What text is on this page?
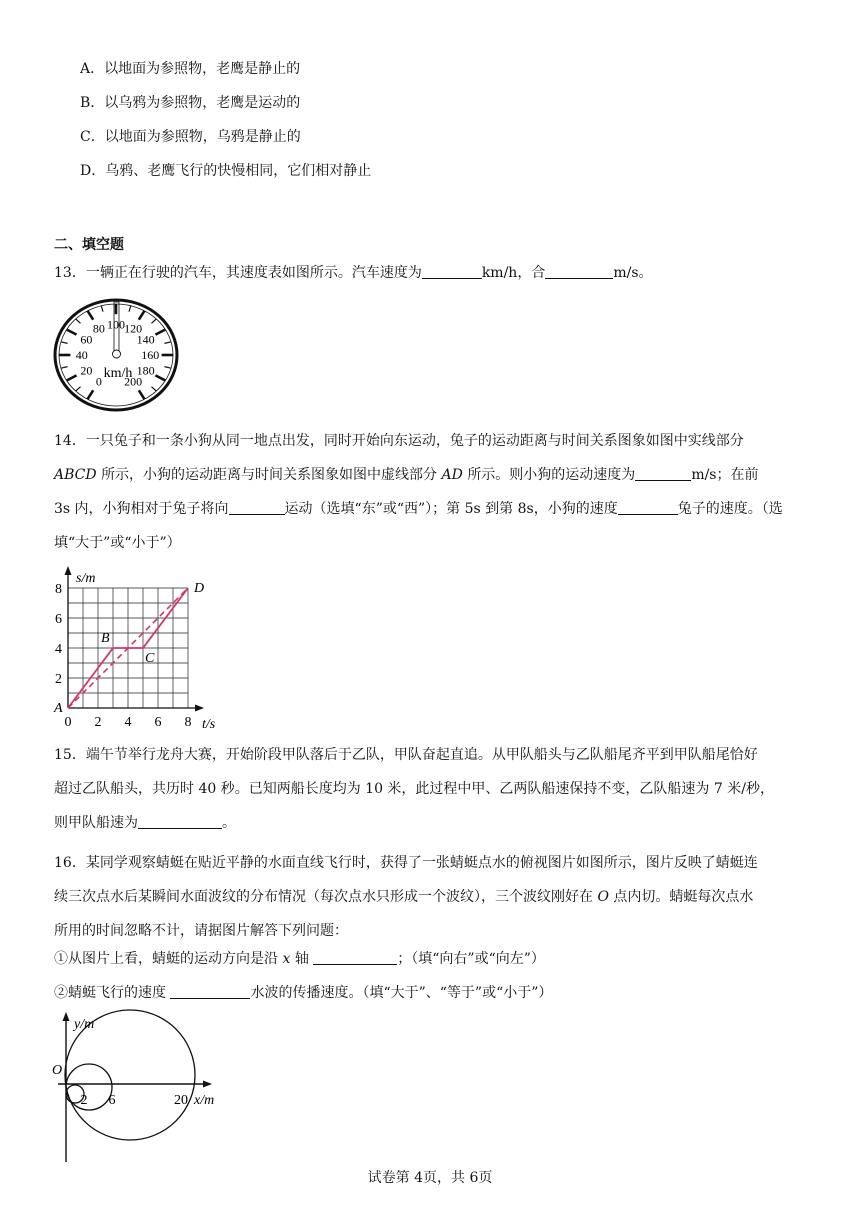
A．以地面为参照物，老鹰是静止的
B．以乌鸦为参照物，老鹰是运动的
C．以地面为参照物，乌鸦是静止的
D．乌鸦、老鹰飞行的快慢相同，它们相对静止
二、填空题
13．一辆正在行驶的汽车，其速度表如图所示。汽车速度为	km/h，合	m/s。
0
20
40
60
80 100 120
140
160
180
200
km/h
14．一只兔子和一条小狗从同一地点出发，同时开始向东运动，兔子的运动距离与时间关系图象如图中实线部分
ABCD 所示，小狗的运动距离与时间关系图象如图中虚线部分 AD 所示。则小狗的运动速度为	m/s；在前
3s 内，小狗相对于兔子将向	运动（选填“东”或“西”）；第 5s 到第 8s，小狗的速度	兔子的速度。（选
填“大于”或“小于”）
0 2 4 6 8
2
4
6
8
s/m
t/s
A
B
C
D
15．端午节举行龙舟大赛，开始阶段甲队落后于乙队，甲队奋起直追。从甲队船头与乙队船尾齐平到甲队船尾恰好
超过乙队船头，共历时 40 秒。已知两船长度均为 10 米，此过程中甲、乙两队船速保持不变，乙队船速为 7 米/秒，
则甲队船速为	。
16．某同学观察蜻蜓在贴近平静的水面直线飞行时，获得了一张蜻蜓点水的俯视图片如图所示，图片反映了蜻蜓连
续三次点水后某瞬间水面波纹的分布情况（每次点水只形成一个波纹），三个波纹刚好在 O 点内切。蜻蜓每次点水
所用的时间忽略不计，请据图片解答下列问题：
①从图片上看，蜻蜓的运动方向是沿 x 轴	；（填“向右”或“向左”）
②蜻蜓飞行的速度	水波的传播速度。（填“大于”、“等于”或“小于”）
y/m
O
2 6	20 x/m
试卷第 4页，共 6页
